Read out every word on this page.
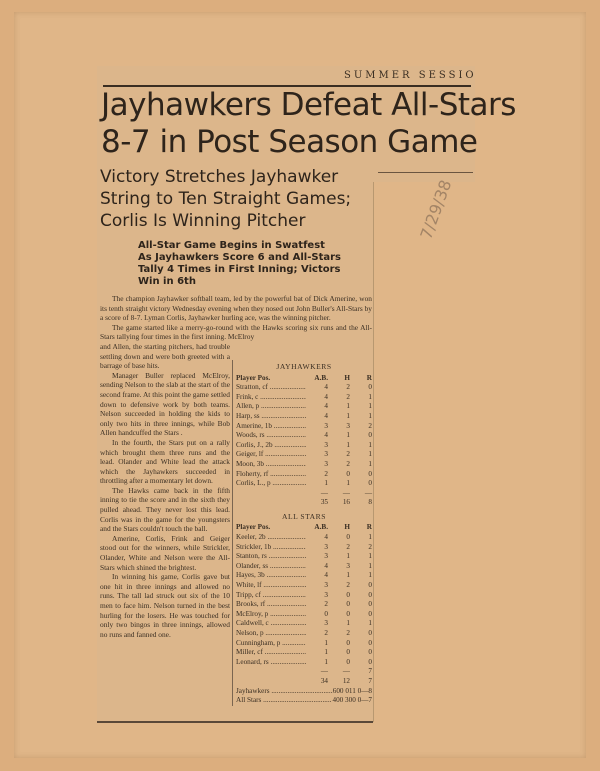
SUMMER SESSIO
Jayhawkers Defeat All-Stars
8-7 in Post Season Game
Victory Stretches Jayhawker
String to Ten Straight Games;
Corlis Is Winning Pitcher	7/29/38
All-Star Game Begins in Swatfest
As Jayhawkers Score 6 and All-Stars
Tally 4 Times in First Inning; Victors
Win in 6th

The champion Jayhawker softball team, led by the powerful bat of Dick Amerine, won its tenth straight victory Wednesday evening when they nosed out John Buller's All-Stars by a score of 8-7. Lyman Corlis, Jayhawker hurling ace, was the winning pitcher.

The game started like a merry-go-round with the Hawks scoring six runs and the All-Stars tallying four times in the first inning. McElroy

and Allen, the starting pitchers, had trouble settling down and were both greeted with a barrage of base hits.

Manager Buller replaced McElroy, sending Nelson to the slab at the start of the second frame. At this point the game settled down to defensive work by both teams. Nelson succeeded in holding the kids to only two hits in three innings, while Bob Allen handcuffed the Stars .

In the fourth, the Stars put on a rally which brought them three runs and the lead. Olander and White lead the attack which the Jayhawkers succeeded in throttling after a momentary let down.

The Hawks came back in the fifth inning to tie the score and in the sixth they pulled ahead. They never lost this lead. Corlis was in the game for the youngsters and the Stars couldn't touch the ball.

Amerine, Corlis, Frink and Geiger stood out for the winners, while Strickler, Olander, White and Nelson were the All-Stars which shined the brightest.

In winning his game, Corlis gave but one hit in three innings and allowed no runs. The tall lad struck out six of the 10 men to face him. Nelson turned in the best hurling for the losers. He was touched for only two bingos in three innings, allowed no runs and fanned one.

JAYHAWKERS
Player Pos.	A.B.	H	R
Stratton, cf .....	4	2	0
Frink, c .....	4	2	1
Allen, p .....	4	1	1
Harp, ss .....	4	1	1
Amerine, 1b .....	3	3	2
Woods, rs .....	4	1	0
Corlis, J., 2b .....	3	1	1
Geiger, lf .....	3	2	1
Moon, 3b .....	3	2	1
Floherty, rf .....	2	0	0
Corlis, L., p .....	1	1	0
—	—	—
35	16	8
ALL STARS
Player Pos.	A.B.	H	R
Keeler, 2b .....	4	0	1
Strickler, 1b .....	3	2	2
Stanton, rs .....	3	1	1
Olander, ss .....	4	3	1
Hayes, 3b .....	4	1	1
White, lf .....	3	2	0
Tripp, cf .....	3	0	0
Brooks, rf .....	2	0	0
McElroy, p .....	0	0	0
Caldwell, c .....	3	1	1
Nelson, p .....	2	2	0
Cunningham, p .....	1	0	0
Miller, cf .....	1	0	0
Leonard, rs .....	1	0	0
—	—	7
34	12	7
Jayhawkers .....	600 011 0—8
All Stars .....	400 300 0—7
